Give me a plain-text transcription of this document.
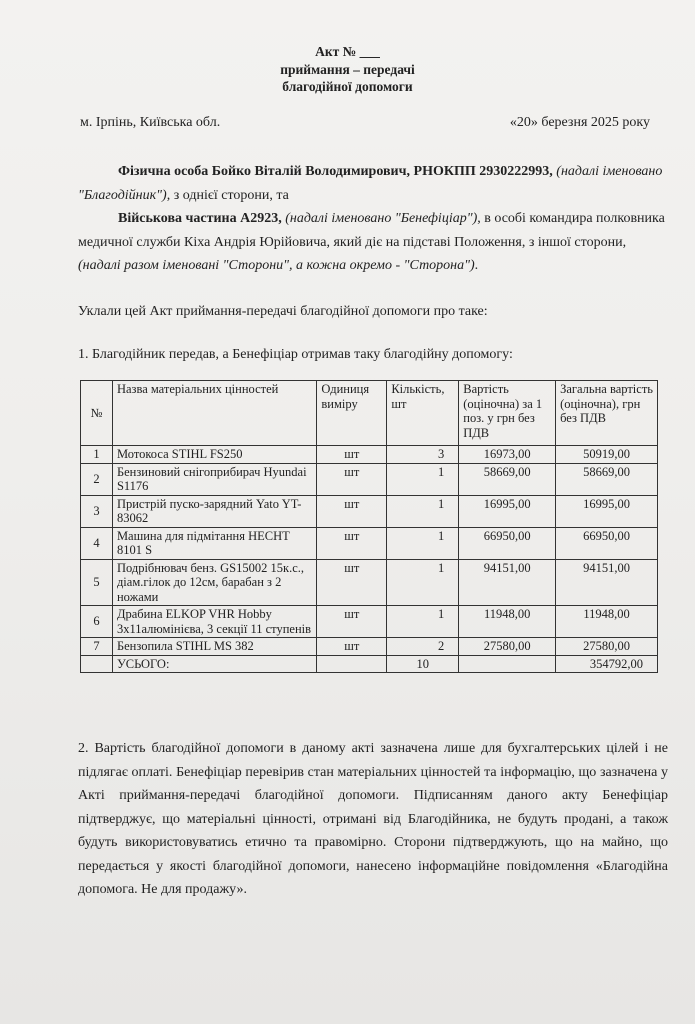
Акт № ___
приймання – передачі
благодійної допомоги
м. Ірпінь, Київська обл.	«20» березня 2025 року
Фізична особа Бойко Віталій Володимирович, РНОКПП 2930222993, (надалі іменовано "Благодійник"), з однієї сторони, та
Військова частина А2923, (надалі іменовано "Бенефіціар"), в особі командира полковника медичної служби Кіха Андрія Юрійовича, який діє на підставі Положення, з іншої сторони, (надалі разом іменовані "Сторони", а кожна окремо - "Сторона").
Уклали цей Акт приймання-передачі благодійної допомоги про таке:
1. Благодійник передав, а Бенефіціар отримав таку благодійну допомогу:
№	Назва матеріальних цінностей	Одиниця виміру	Кількість, шт	Вартість (оціночна) за 1 поз. у грн без ПДВ	Загальна вартість (оціночна), грн без ПДВ
1	Мотокоса STIHL FS250	шт	3	16973,00	50919,00
2	Бензиновий снігоприбирач Hyundai S1176	шт	1	58669,00	58669,00
3	Пристрій пуско-зарядний Yato YT-83062	шт	1	16995,00	16995,00
4	Машина для підмітання HECHT 8101 S	шт	1	66950,00	66950,00
5	Подрібнювач бенз. GS15002 15к.с., діам.гілок до 12см, барабан з 2 ножами	шт	1	94151,00	94151,00
6	Драбина ELKOP VHR Hobby 3х11алюмінієва, 3 секції 11 ступенів	шт	1	11948,00	11948,00
7	Бензопила STIHL MS 382	шт	2	27580,00	27580,00
	УСЬОГО:		10		354792,00
2. Вартість благодійної допомоги в даному акті зазначена лише для бухгалтерських цілей і не підлягає оплаті. Бенефіціар перевірив стан матеріальних цінностей та інформацію, що зазначена у Акті приймання-передачі благодійної допомоги. Підписанням даного акту Бенефіціар підтверджує, що матеріальні цінності, отримані від Благодійника, не будуть продані, а також будуть використовуватись етично та правомірно. Сторони підтверджують, що на майно, що передається у якості благодійної допомоги, нанесено інформаційне повідомлення «Благодійна допомога. Не для продажу».
